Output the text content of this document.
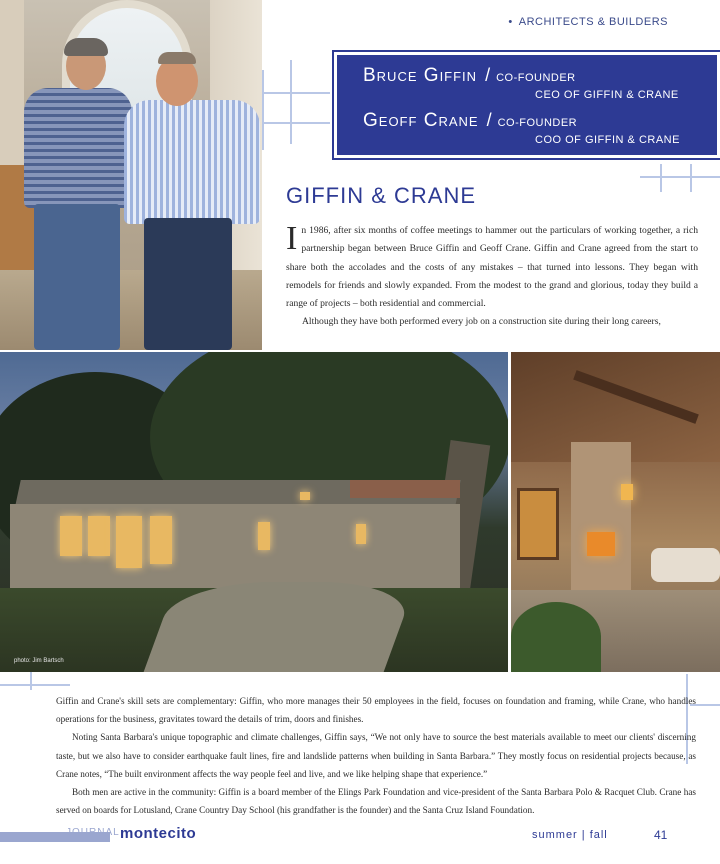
• ARCHITECTS & BUILDERS
Bruce Giffin / CO-FOUNDER
CEO OF GIFFIN & CRANE
Geoff Crane / CO-FOUNDER
COO OF GIFFIN & CRANE
GIFFIN & CRANE

In 1986, after six months of coffee meetings to hammer out the particulars of working together, a rich partnership began between Bruce Giffin and Geoff Crane. Giffin and Crane agreed from the start to share both the accolades and the costs of any mistakes – that turned into lessons. They began with remodels for friends and slowly expanded. From the modest to the grand and glorious, today they build a range of projects – both residential and commercial.

Although they have both performed every job on a construction site during their long careers,

photo: Jim Bartsch

Giffin and Crane's skill sets are complementary: Giffin, who more manages their 50 employees in the field, focuses on foundation and framing, while Crane, who handles operations for the business, gravitates toward the details of trim, doors and finishes.

Noting Santa Barbara's unique topographic and climate challenges, Giffin says, “We not only have to source the best materials available to meet our clients' discerning taste, but we also have to consider earthquake fault lines, fire and landslide patterns when building in Santa Barbara.” They mostly focus on residential projects because, as Crane notes, “The built environment affects the way people feel and live, and we like helping shape that experience.”

Both men are active in the community: Giffin is a board member of the Elings Park Foundation and vice-president of the Santa Barbara Polo & Racquet Club. Crane has served on boards for Lotusland, Crane Country Day School (his grandfather is the founder) and the Santa Cruz Island Foundation.

JOURNAL montecito	summer | fall	41
